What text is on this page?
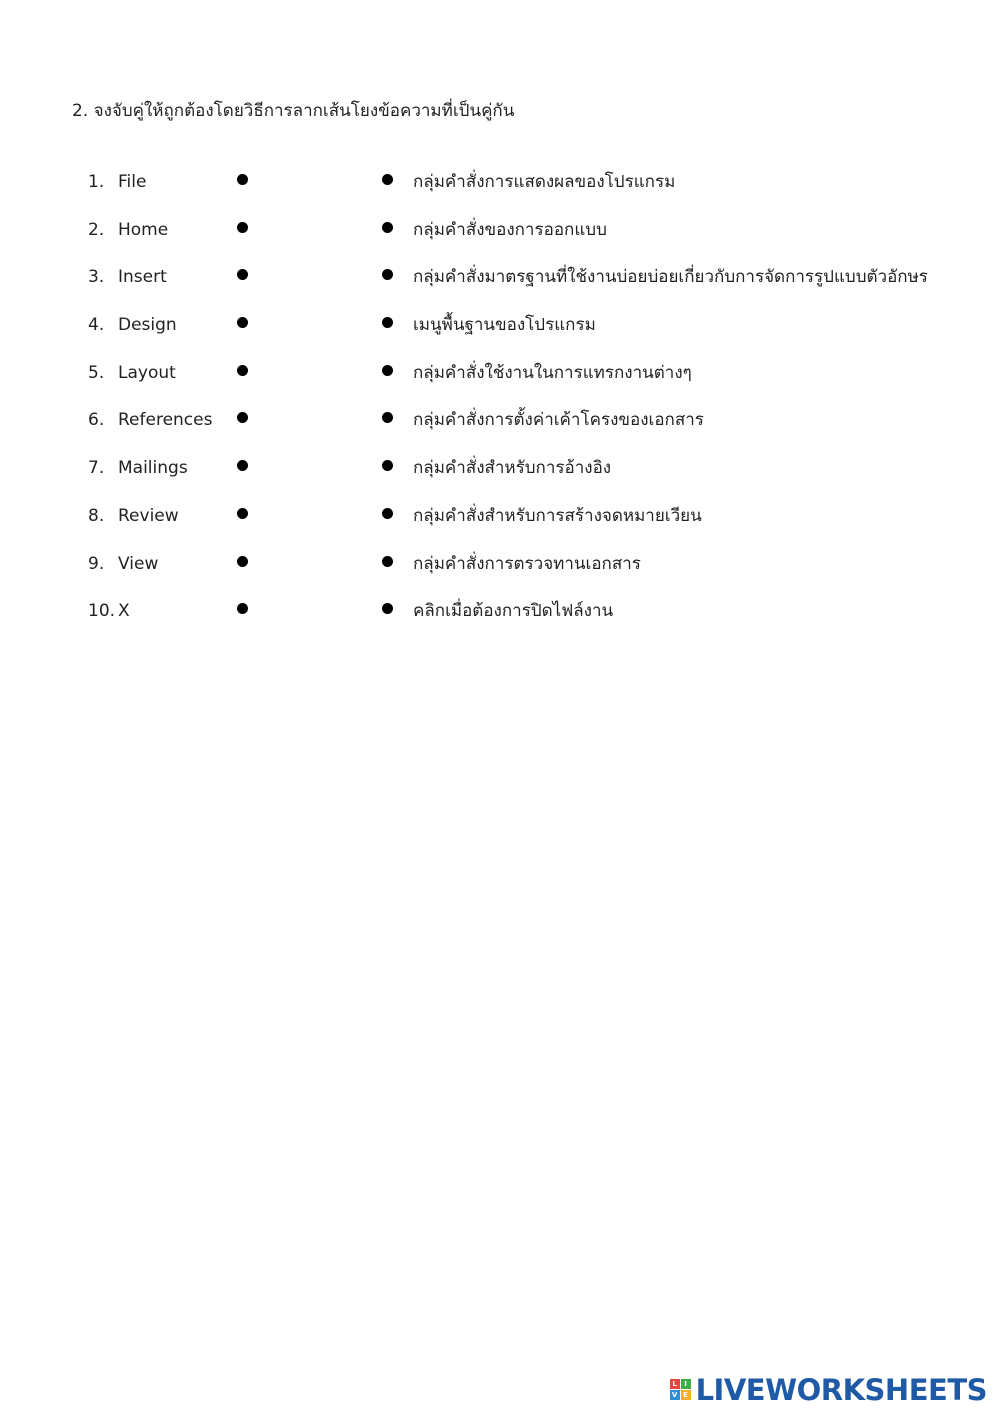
2. จงจับคู่ให้ถูกต้องโดยวิธีการลากเส้นโยงข้อความที่เป็นคู่กัน
1. File	กลุ่มคำสั่งการแสดงผลของโปรแกรม
2. Home	กลุ่มคำสั่งของการออกแบบ
3. Insert	กลุ่มคำสั่งมาตรฐานที่ใช้งานบ่อยบ่อยเกี่ยวกับการจัดการรูปแบบตัวอักษร
4. Design	เมนูพื้นฐานของโปรแกรม
5. Layout	กลุ่มคำสั่งใช้งานในการแทรกงานต่างๆ
6. References	กลุ่มคำสั่งการตั้งค่าเค้าโครงของเอกสาร
7. Mailings	กลุ่มคำสั่งสำหรับการอ้างอิง
8. Review	กลุ่มคำสั่งสำหรับการสร้างจดหมายเวียน
9. View	กลุ่มคำสั่งการตรวจทานเอกสาร
10. X	คลิกเมื่อต้องการปิดไฟล์งาน
L	I
V E LIVEWORKSHEETS
